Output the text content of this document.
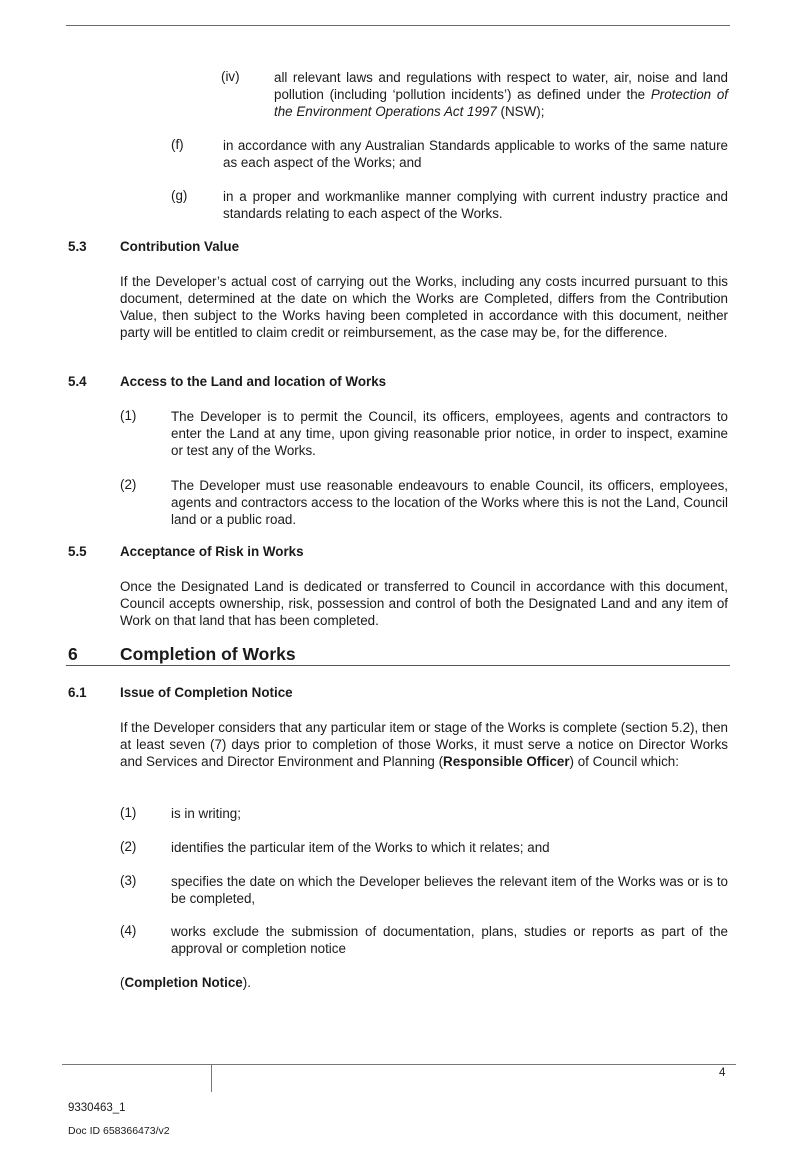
(iv)	all relevant laws and regulations with respect to water, air, noise and land pollution (including ‘pollution incidents’) as defined under the Protection of the Environment Operations Act 1997 (NSW);

(f)	in accordance with any Australian Standards applicable to works of the same nature as each aspect of the Works; and

(g)	in a proper and workmanlike manner complying with current industry practice and standards relating to each aspect of the Works.

5.3 Contribution Value

If the Developer’s actual cost of carrying out the Works, including any costs incurred pursuant to this document, determined at the date on which the Works are Completed, differs from the Contribution Value, then subject to the Works having been completed in accordance with this document, neither party will be entitled to claim credit or reimbursement, as the case may be, for the difference.

5.4 Access to the Land and location of Works
(1)	The Developer is to permit the Council, its officers, employees, agents and contractors to enter the Land at any time, upon giving reasonable prior notice, in order to inspect, examine or test any of the Works.

(2)	The Developer must use reasonable endeavours to enable Council, its officers, employees, agents and contractors access to the location of the Works where this is not the Land, Council land or a public road.

5.5 Acceptance of Risk in Works

Once the Designated Land is dedicated or transferred to Council in accordance with this document, Council accepts ownership, risk, possession and control of both the Designated Land and any item of Work on that land that has been completed.

6 Completion of Works
6.1 Issue of Completion Notice

If the Developer considers that any particular item or stage of the Works is complete (section 5.2), then at least seven (7) days prior to completion of those Works, it must serve a notice on Director Works and Services and Director Environment and Planning (Responsible Officer) of Council which:

(1)	is in writing;

(2)	identifies the particular item of the Works to which it relates; and

(3)	specifies the date on which the Developer believes the relevant item of the Works was or is to be completed,

(4)	works exclude the submission of documentation, plans, studies or reports as part of the approval or completion notice

(Completion Notice).

4
9330463_1
Doc ID 658366473/v2
